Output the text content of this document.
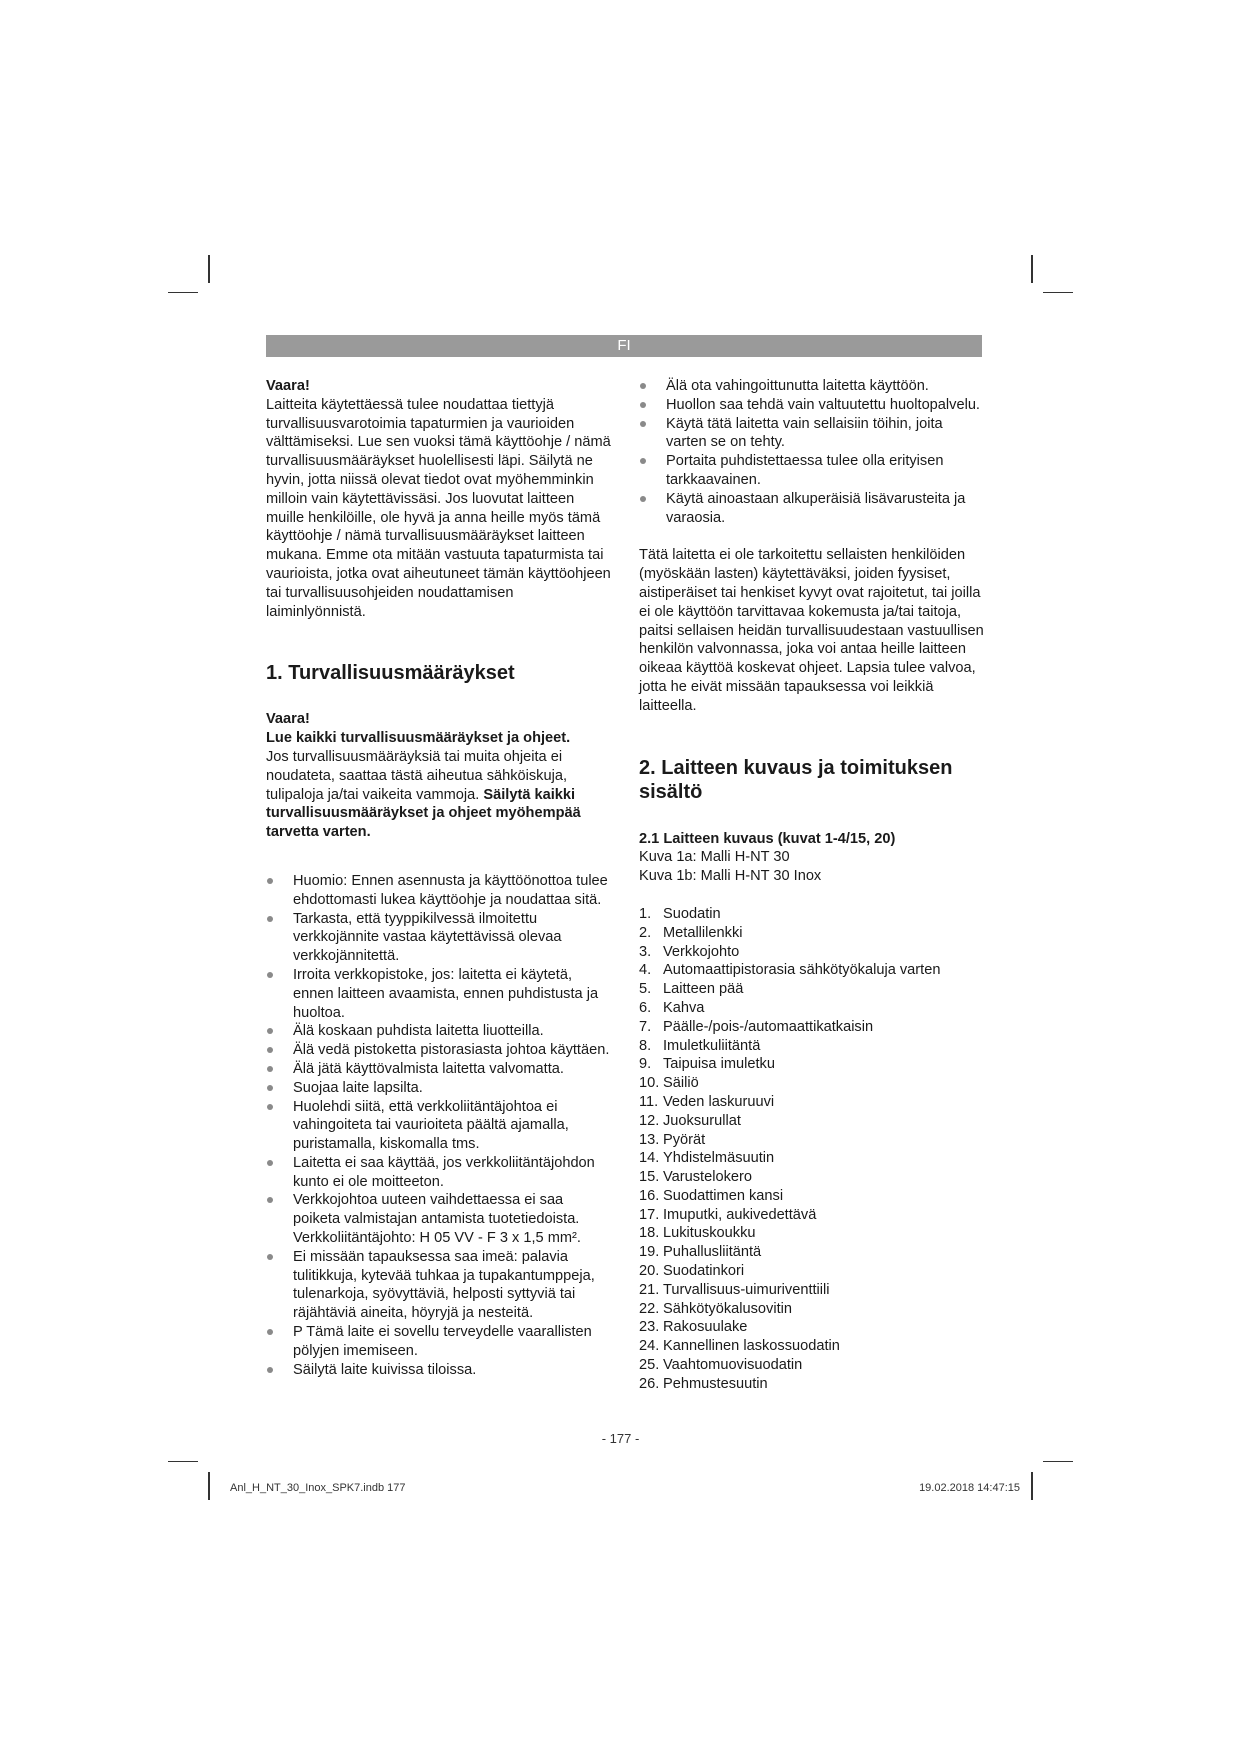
FI

Vaara!

Laitteita käytettäessä tulee noudattaa tiettyjä turvallisuusvarotoimia tapaturmien ja vaurioiden välttämiseksi. Lue sen vuoksi tämä käyttöohje / nämä turvallisuusmääräykset huolellisesti läpi. Säilytä ne hyvin, jotta niissä olevat tiedot ovat myöhemminkin milloin vain käytettävissäsi. Jos luovutat laitteen muille henkilöille, ole hyvä ja anna heille myös tämä käyttöohje / nämä turvallisuusmääräykset laitteen mukana. Emme ota mitään vastuuta tapaturmista tai vaurioista, jotka ovat aiheutuneet tämän käyttöohjeen tai turvallisuusohjeiden noudattamisen laiminlyönnistä.

1. Turvallisuusmääräykset

Vaara!

Lue kaikki turvallisuusmääräykset ja ohjeet.

Jos turvallisuusmääräyksiä tai muita ohjeita ei noudateta, saattaa tästä aiheutua sähköiskuja, tulipaloja ja/tai vaikeita vammoja. Säilytä kaikki turvallisuusmääräykset ja ohjeet myöhempää tarvetta varten.

Huomio: Ennen asennusta ja käyttöönottoa tulee ehdottomasti lukea käyttöohje ja noudattaa sitä.
Tarkasta, että tyyppikilvessä ilmoitettu verkkojännite vastaa käytettävissä olevaa verkkojännitettä.
Irroita verkkopistoke, jos: laitetta ei käytetä, ennen laitteen avaamista, ennen puhdistusta ja huoltoa.
Älä koskaan puhdista laitetta liuotteilla.
Älä vedä pistoketta pistorasiasta johtoa käyttäen.
Älä jätä käyttövalmista laitetta valvomatta.
Suojaa laite lapsilta.
Huolehdi siitä, että verkkoliitäntäjohtoa ei vahingoiteta tai vaurioiteta päältä ajamalla, puristamalla, kiskomalla tms.
Laitetta ei saa käyttää, jos verkkoliitäntäjohdon kunto ei ole moitteeton.
Verkkojohtoa uuteen vaihdettaessa ei saa poiketa valmistajan antamista tuotetiedoista. Verkkoliitäntäjohto: H 05 VV - F 3 x 1,5 mm².
Ei missään tapauksessa saa imeä: palavia tulitikkuja, kytevää tuhkaa ja tupakantumppeja, tulenarkoja, syövyttäviä, helposti syttyviä tai räjähtäviä aineita, höyryjä ja nesteitä.
P Tämä laite ei sovellu terveydelle vaarallisten pölyjen imemiseen.
Säilytä laite kuivissa tiloissa.
Älä ota vahingoittunutta laitetta käyttöön.
Huollon saa tehdä vain valtuutettu huoltopalvelu.
Käytä tätä laitetta vain sellaisiin töihin, joita varten se on tehty.
Portaita puhdistettaessa tulee olla erityisen tarkkaavainen.
Käytä ainoastaan alkuperäisiä lisävarusteita ja varaosia.

Tätä laitetta ei ole tarkoitettu sellaisten henkilöiden (myöskään lasten) käytettäväksi, joiden fyysiset, aistiperäiset tai henkiset kyvyt ovat rajoitetut, tai joilla ei ole käyttöön tarvittavaa kokemusta ja/tai taitoja, paitsi sellaisen heidän turvallisuudestaan vastuullisen henkilön valvonnassa, joka voi antaa heille laitteen oikeaa käyttöä koskevat ohjeet. Lapsia tulee valvoa, jotta he eivät missään tapauksessa voi leikkiä laitteella.

2. Laitteen kuvaus ja toimituksen sisältö

2.1 Laitteen kuvaus (kuvat 1-4/15, 20)

Kuva 1a: Malli H-NT 30

Kuva 1b: Malli H-NT 30 Inox

1. Suodatin
2. Metallilenkki
3. Verkkojohto
4. Automaattipistorasia sähkötyökaluja varten
5. Laitteen pää
6. Kahva
7. Päälle-/pois-/automaattikatkaisin
8. Imuletkuliitäntä
9. Taipuisa imuletku
10. Säiliö
11. Veden laskuruuvi
12. Juoksurullat
13. Pyörät
14. Yhdistelmäsuutin
15. Varustelokero
16. Suodattimen kansi
17. Imuputki, aukivedettävä
18. Lukituskoukku
19. Puhallusliitäntä
20. Suodatinkori
21. Turvallisuus-uimuriventtiili
22. Sähkötyökalusovitin
23. Rakosuulake
24. Kannellinen laskossuodatin
25. Vaahtomuovisuodatin
26. Pehmustesuutin
- 177 -
Anl_H_NT_30_Inox_SPK7.indb 177	19.02.2018 14:47:15
